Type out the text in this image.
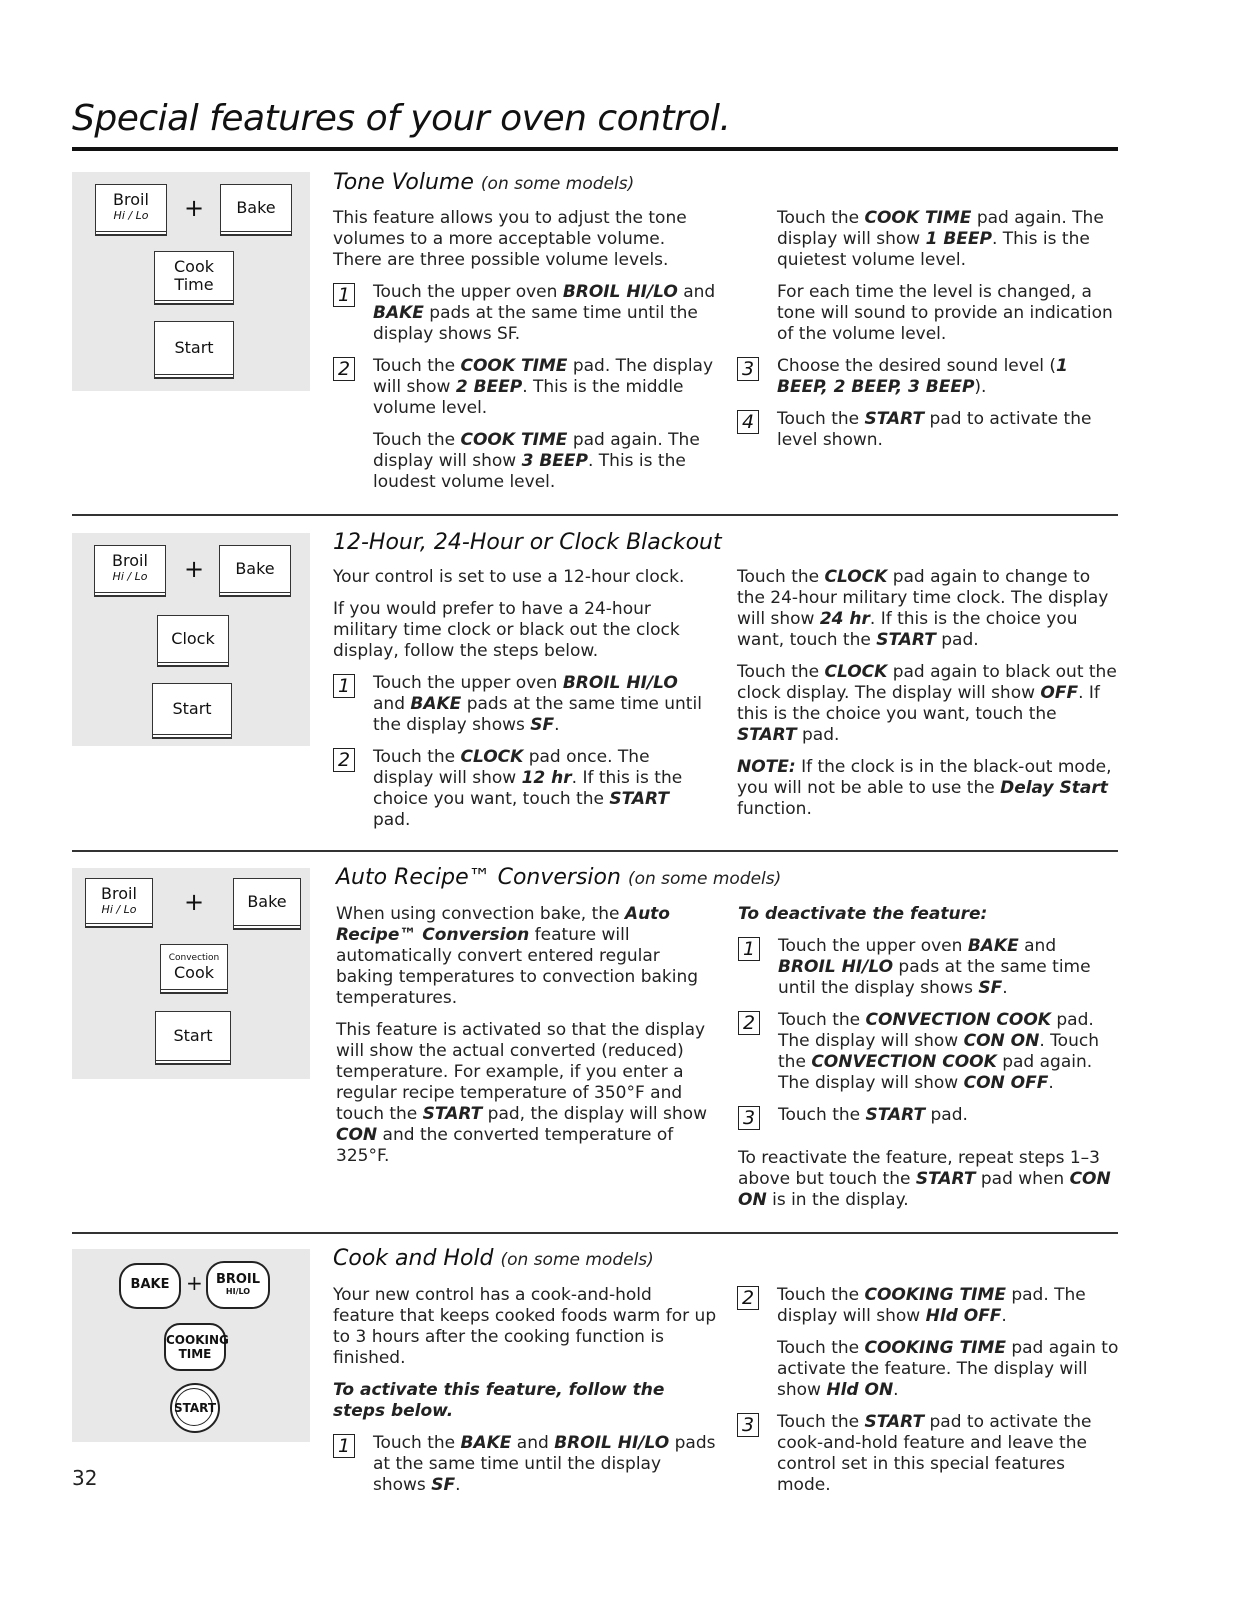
Special features of your oven control.
Broil
Hi / Lo	+	Bake
Cook
Time
Start
Tone Volume (on some models)

This feature allows you to adjust the tone volumes to a more acceptable volume. There are three possible volume levels.

1 Touch the upper oven BROIL HI/LO and BAKE pads at the same time until the display shows SF.
2 Touch the COOK TIME pad. The display will show 2 BEEP. This is the middle volume level.

Touch the COOK TIME pad again. The display will show 3 BEEP. This is the loudest volume level.

Touch the COOK TIME pad again. The display will show 1 BEEP. This is the quietest volume level.

For each time the level is changed, a tone will sound to provide an indication of the volume level.

3 Choose the desired sound level (1 BEEP, 2 BEEP, 3 BEEP).
4 Touch the START pad to activate the level shown.
Broil
Hi / Lo	+	Bake
Clock
Start
12-Hour, 24-Hour or Clock Blackout

Your control is set to use a 12-hour clock.

If you would prefer to have a 24-hour military time clock or black out the clock display, follow the steps below.

1 Touch the upper oven BROIL HI/LO and BAKE pads at the same time until the display shows SF.
2 Touch the CLOCK pad once. The display will show 12 hr. If this is the choice you want, touch the START pad.

Touch the CLOCK pad again to change to the 24-hour military time clock. The display will show 24 hr. If this is the choice you want, touch the START pad.

Touch the CLOCK pad again to black out the clock display. The display will show OFF. If this is the choice you want, touch the START pad.

NOTE: If the clock is in the black-out mode, you will not be able to use the Delay Start function.

Broil
Hi / Lo	+	Bake
Convection
Cook
Start
Auto Recipe™ Conversion (on some models)

When using convection bake, the Auto Recipe™ Conversion feature will automatically convert entered regular baking temperatures to convection baking temperatures.

This feature is activated so that the display will show the actual converted (reduced) temperature. For example, if you enter a regular recipe temperature of 350°F and touch the START pad, the display will show CON and the converted temperature of 325°F.

To deactivate the feature:

1 Touch the upper oven BAKE and BROIL HI/LO pads at the same time until the display shows SF.
2 Touch the CONVECTION COOK pad. The display will show CON ON. Touch the CONVECTION COOK pad again. The display will show CON OFF.
3 Touch the START pad.

To reactivate the feature, repeat steps 1–3 above but touch the START pad when CON ON is in the display.

BAKE +	BROIL
HI/LO
COOKING
TIME
START
Cook and Hold (on some models)

Your new control has a cook-and-hold feature that keeps cooked foods warm for up to 3 hours after the cooking function is finished.

To activate this feature, follow the steps below.

1 Touch the BAKE and BROIL HI/LO pads at the same time until the display shows SF.
2 Touch the COOKING TIME pad. The display will show Hld OFF.

Touch the COOKING TIME pad again to activate the feature. The display will show Hld ON.

3 Touch the START pad to activate the cook-and-hold feature and leave the control set in this special features mode.
32
